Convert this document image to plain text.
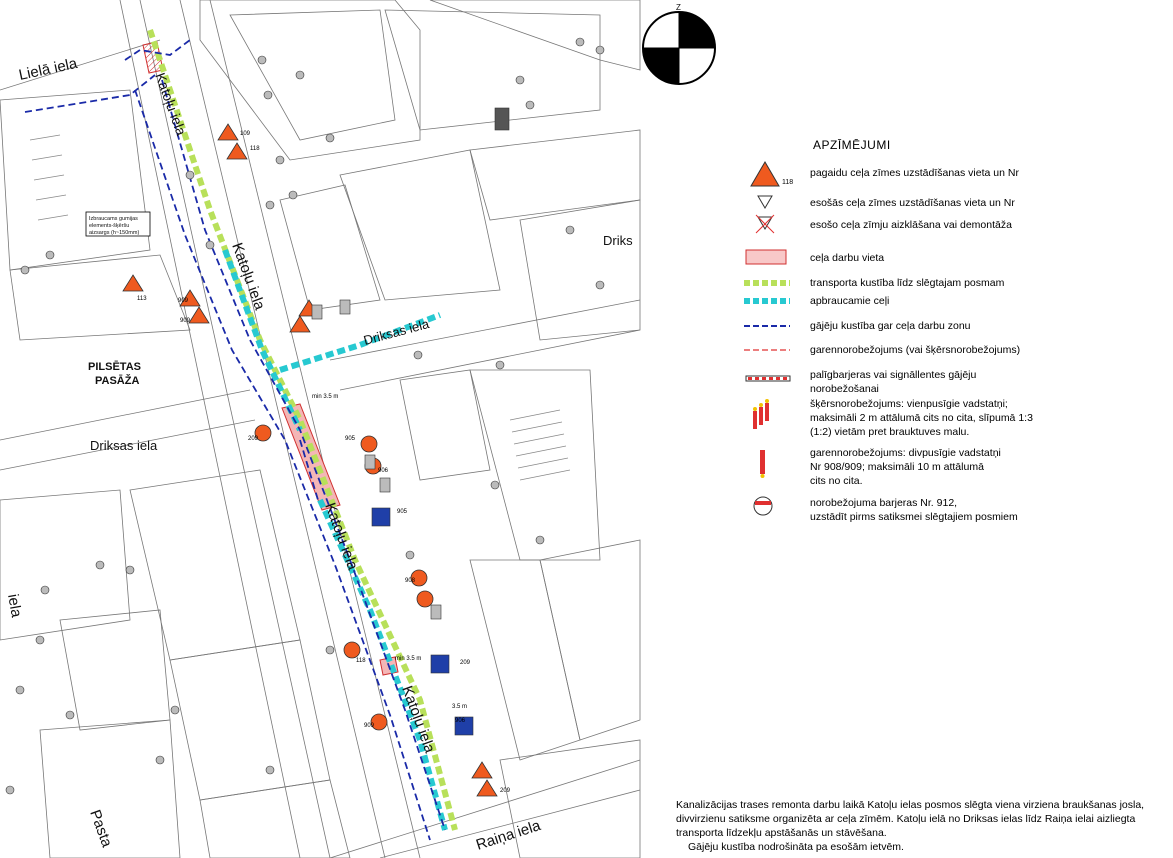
Z
Lielā iela
Katoļu iela
Katoļu iela
Katoļu iela
Katoļu iela
Driksas iela
Driksas iela
Driks
Raiņa iela
Pasta
iela
PILSĒTAS
PASĀŽA
Izbraucams gumijas
elements-šķēršu
aizsargs (h~150mm)
109
118
113
905
906
905
906
209
209
209
118
909
909
909
908
min 3.5 m
min 3.5 m
3.5 m
APZĪMĒJUMI
118
pagaidu ceļa zīmes uzstādīšanas vieta un Nr
esošās ceļa zīmes uzstādīšanas vieta un Nr
esošo ceļa zīmju aizklāšana vai demontāža
ceļa darbu vieta
transporta kustība līdz slēgtajam posmam
apbraucamie ceļi
gājēju kustība gar ceļa darbu zonu
garennorobežojums (vai šķērsnorobežojums)
palīgbarjeras vai signāllentes gājēju
norobežošanai
šķērsnorobežojums: vienpusīgie vadstatņi;
maksimāli 2 m attālumā cits no cita, slīpumā 1:3
(1:2) vietām pret brauktuves malu.
garennorobežojums: divpusīgie vadstatņi
Nr 908/909; maksimāli 10 m attālumā
cits no cita.
norobežojuma barjeras Nr. 912,
uzstādīt pirms satiksmei slēgtajiem posmiem
Kanalizācijas trases remonta darbu laikā Katoļu ielas posmos slēgta viena virziena braukšanas josla,
divvirzienu satiksme organizēta ar ceļa zīmēm. Katoļu ielā no Driksas ielas līdz Raiņa ielai aizliegta
transporta līdzekļu apstāšanās un stāvēšana.
Gājēju kustība nodrošināta pa esošām ietvēm.
